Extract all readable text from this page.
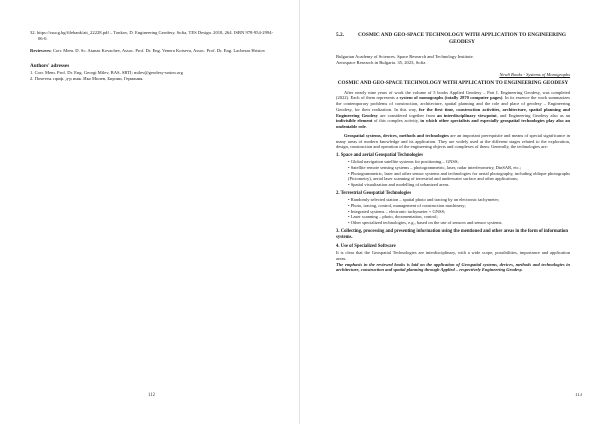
32. https://ssucg.bg/filebank/att_22228.pdf – Tonkov, D. Engineering Geodesy. Sofia, TES Design. 2018, 264. ISBN 978-954-2994-06-0.

Reviewers: Corr. Mem. D. Sc. Atanas Kovachev, Assoc. Prof. Dr. Eng. Venera Kotseva, Assoc. Prof. Dr. Eng. Lachezar Hristov

Authors' adresses

1. Corr. Mem. Prof. Dr. Eng. Georgi Milev, BAS, SRTI; milev@geodesy-union.org

2. Почетен. проф. д-р инж. Ико Милев, Бирзии, Германия.

112
5.2.	COSMIC AND GEO-SPACE TECHNOLOGY WITH APPLICATION TO ENGINEERING GEODESY

Bulgarian Academy of Sciences. Space Research and Technology Institute.

Aerospace Research in Bulgaria. 35, 2023, Sofia

NewS Books - Systems of Monographs

COSMIC AND GEO-SPACE TECHNOLOGY WITH APPLICATION TO ENGINEERING GEODESY

After nearly nine years of work the volume of 5 books Applied Geodesy – Part I. Engineering Geodesy, was completed (2022). Each of them represents a system of monographs (totally 2870 computer pages). In its essence the work summarizes the contemporary problems of construction, architecture, spatial planning and the role and place of geodesy – Engineering Geodesy, for their realization. In this way, for the first time, construction activities, architecture, spatial planning and Engineering Geodesy are considered together from an interdisciplinary viewpoint, and Engineering Geodesy also as an indivisible element of this complex activity, in which other specialists and especially geospatial technologies play also an undeniable role.

Geospatial systems, devices, methods and technologies are an important prerequisite and means of special significance in many areas of modern knowledge and its application. They are widely used at the different stages related to the exploration, design, construction and operation of the engineering objects and complexes of them. Generally, the technologies are:

1. Space and aerial Geospatial Technologies

• Global navigation satellite systems for positioning – GNSS;

• Satellite remote sensing systems – photogrammetric, laser, radar interferometry, DinSAR, etc.;

• Photogrammetric, laser and other sensor systems and technologies for aerial photography, including oblique photographs (Pictometry), aerial laser scanning of terrestrial and underwater surface and other applications;

• Spatial visualization and modelling of urbanized areas.

2. Terrestrial Geospatial Technologies

• Randomly selected station – spatial photo and tracing by an electronic tachymeter;

• Photo, tracing, control, management of construction machinery;

• Integrated systems – electronic tachymeter + GNSS;

• Laser scanning – photo, documentation, control;

• Other specialized technologies, e.g., based on the use of sensors and sensor systems.

3. Collecting, processing and presenting information using the mentioned and other areas in the form of information systems.

4. Use of Specialized Software

It is clear that the Geospatial Technologies are interdisciplinary, with a wide scope, possibilities, importance and application areas.

The emphasis in the reviewed books is laid on the application of Geospatial systems, devices, methods and technologies in architecture, construction and spatial planning through Applied – respectively Engineering Geodesy.

113
